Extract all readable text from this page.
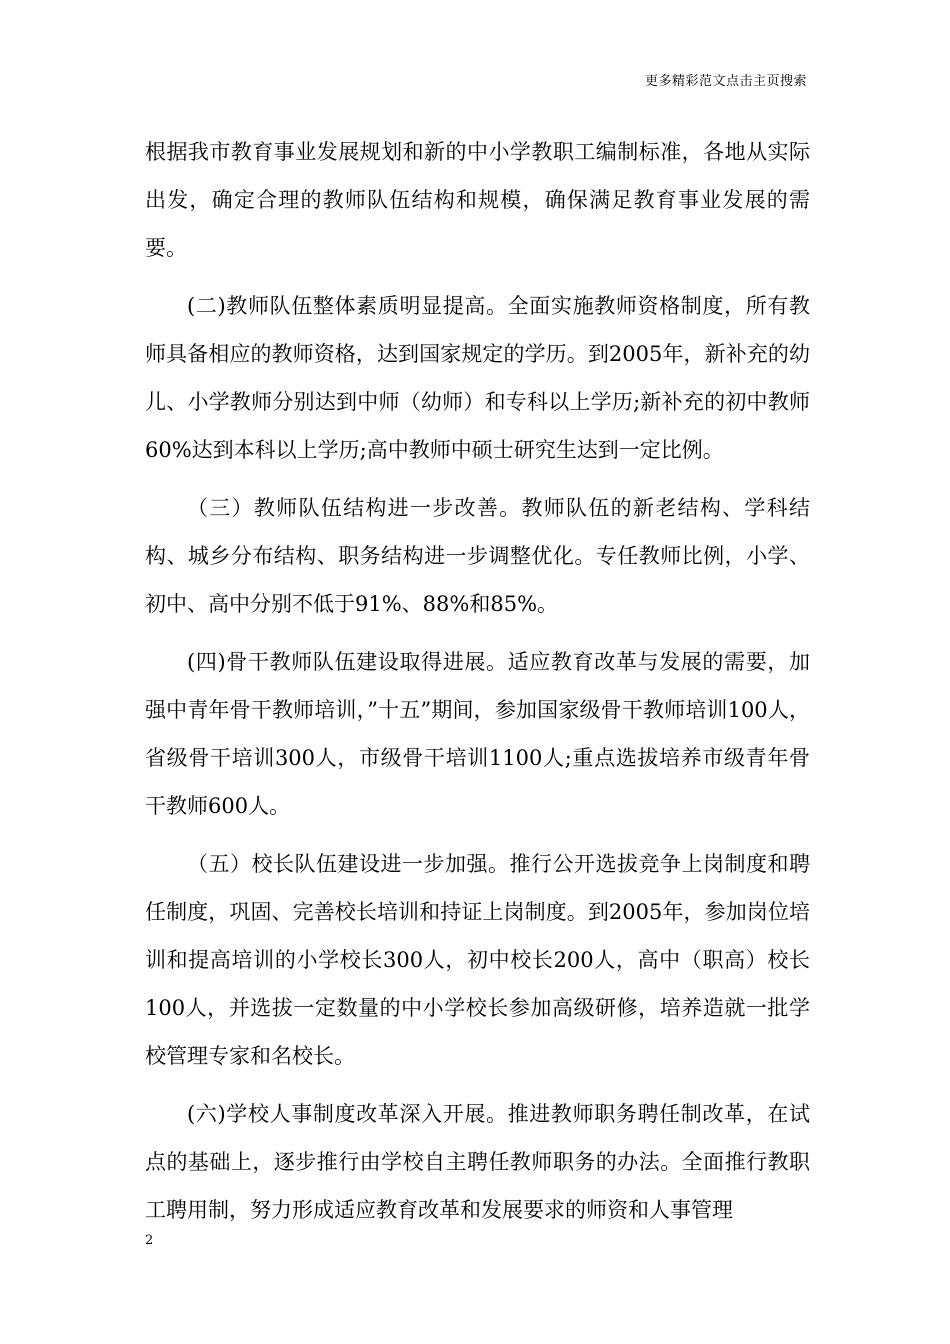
更多精彩范文点击主页搜索

根据我市教育事业发展规划和新的中小学教职工编制标准，各地从实际出发，确定合理的教师队伍结构和规模，确保满足教育事业发展的需要。

(二)教师队伍整体素质明显提高。全面实施教师资格制度，所有教师具备相应的教师资格，达到国家规定的学历。到2005年，新补充的幼儿、小学教师分别达到中师（幼师）和专科以上学历;新补充的初中教师60%达到本科以上学历;高中教师中硕士研究生达到一定比例。

（三）教师队伍结构进一步改善。教师队伍的新老结构、学科结构、城乡分布结构、职务结构进一步调整优化。专任教师比例，小学、初中、高中分别不低于91%、88%和85%。

(四)骨干教师队伍建设取得进展。适应教育改革与发展的需要，加强中青年骨干教师培训，”十五”期间，参加国家级骨干教师培训100人，省级骨干培训300人，市级骨干培训1100人;重点选拔培养市级青年骨干教师600人。

（五）校长队伍建设进一步加强。推行公开选拔竞争上岗制度和聘任制度，巩固、完善校长培训和持证上岗制度。到2005年，参加岗位培训和提高培训的小学校长300人，初中校长200人，高中（职高）校长100人，并选拔一定数量的中小学校长参加高级研修，培养造就一批学校管理专家和名校长。

(六)学校人事制度改革深入开展。推进教师职务聘任制改革，在试点的基础上，逐步推行由学校自主聘任教师职务的办法。全面推行教职工聘用制，努力形成适应教育改革和发展要求的师资和人事管理

2
